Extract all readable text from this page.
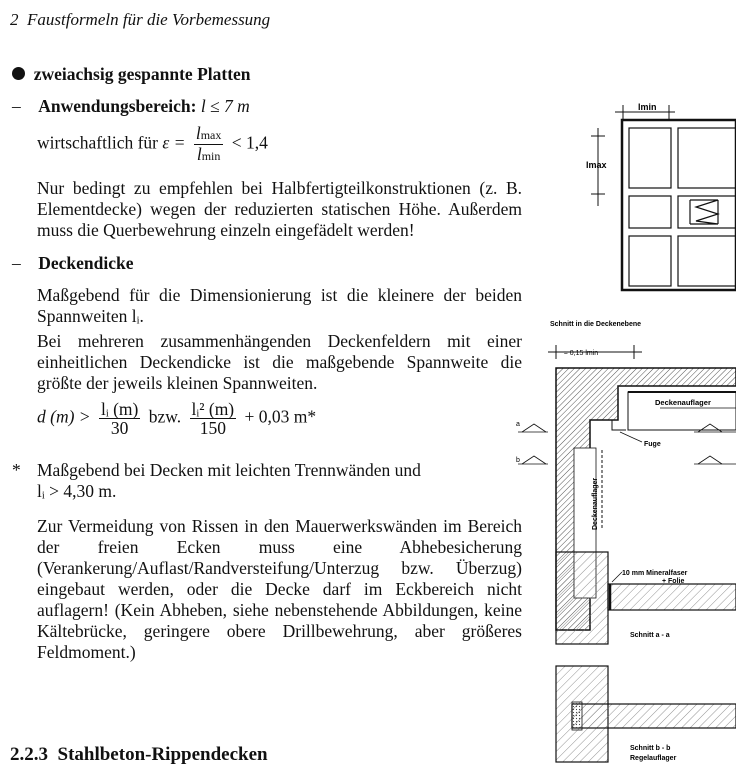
2 Faustformeln für die Vorbemessung
zweiachsig gespannte Platten
– Anwendungsbereich: l ≤ 7 m
wirtschaftlich für $\varepsilon = \frac{lmax}{lmin} < 1,4$
Nur bedingt zu empfehlen bei Halbfertigteilkonstruktionen (z. B. Elementdecke) wegen der reduzierten statischen Höhe. Außerdem muss die Querbewehrung einzeln eingefädelt werden!
– Deckendicke
Maßgebend für die Dimensionierung ist die kleinere der beiden Spannweiten lᵢ.
Bei mehreren zusammenhängenden Deckenfeldern mit einer einheitlichen Deckendicke ist die maßgebende Spannweite die größte der jeweils kleinen Spannweiten.
d $(m) > \frac{\text{lᵢ (m)}}{30}$ bzw. $\frac{\text{lᵢ² (m)}}{150} + 0,03$ m*
* Maßgebend bei Decken mit leichten Trennwänden und
lᵢ > 4,30 m.
Zur Vermeidung von Rissen in den Mauerwerkswänden im Bereich der freien Ecken muss eine Abhebesicherung (Verankerung/Auflast/Randversteifung/Unterzug bzw. Überzug) eingebaut werden, oder die Decke darf im Eckbereich nicht auflagern! (Kein Abheben, siehe nebenstehende Abbildungen, keine Kältebrücke, geringere obere Drillbewehrung, aber größeres Feldmoment.)
2.2.3 Stahlbeton-Rippendecken
lmin
lmax
Schnitt in die Deckenebene
≈ 0,15 lmin
Deckenauflager
Fuge
Deckenauflager
a
b
10 mm Mineralfaser
+ Folie
Schnitt a - a
Schnitt b - b
Regelauflager
